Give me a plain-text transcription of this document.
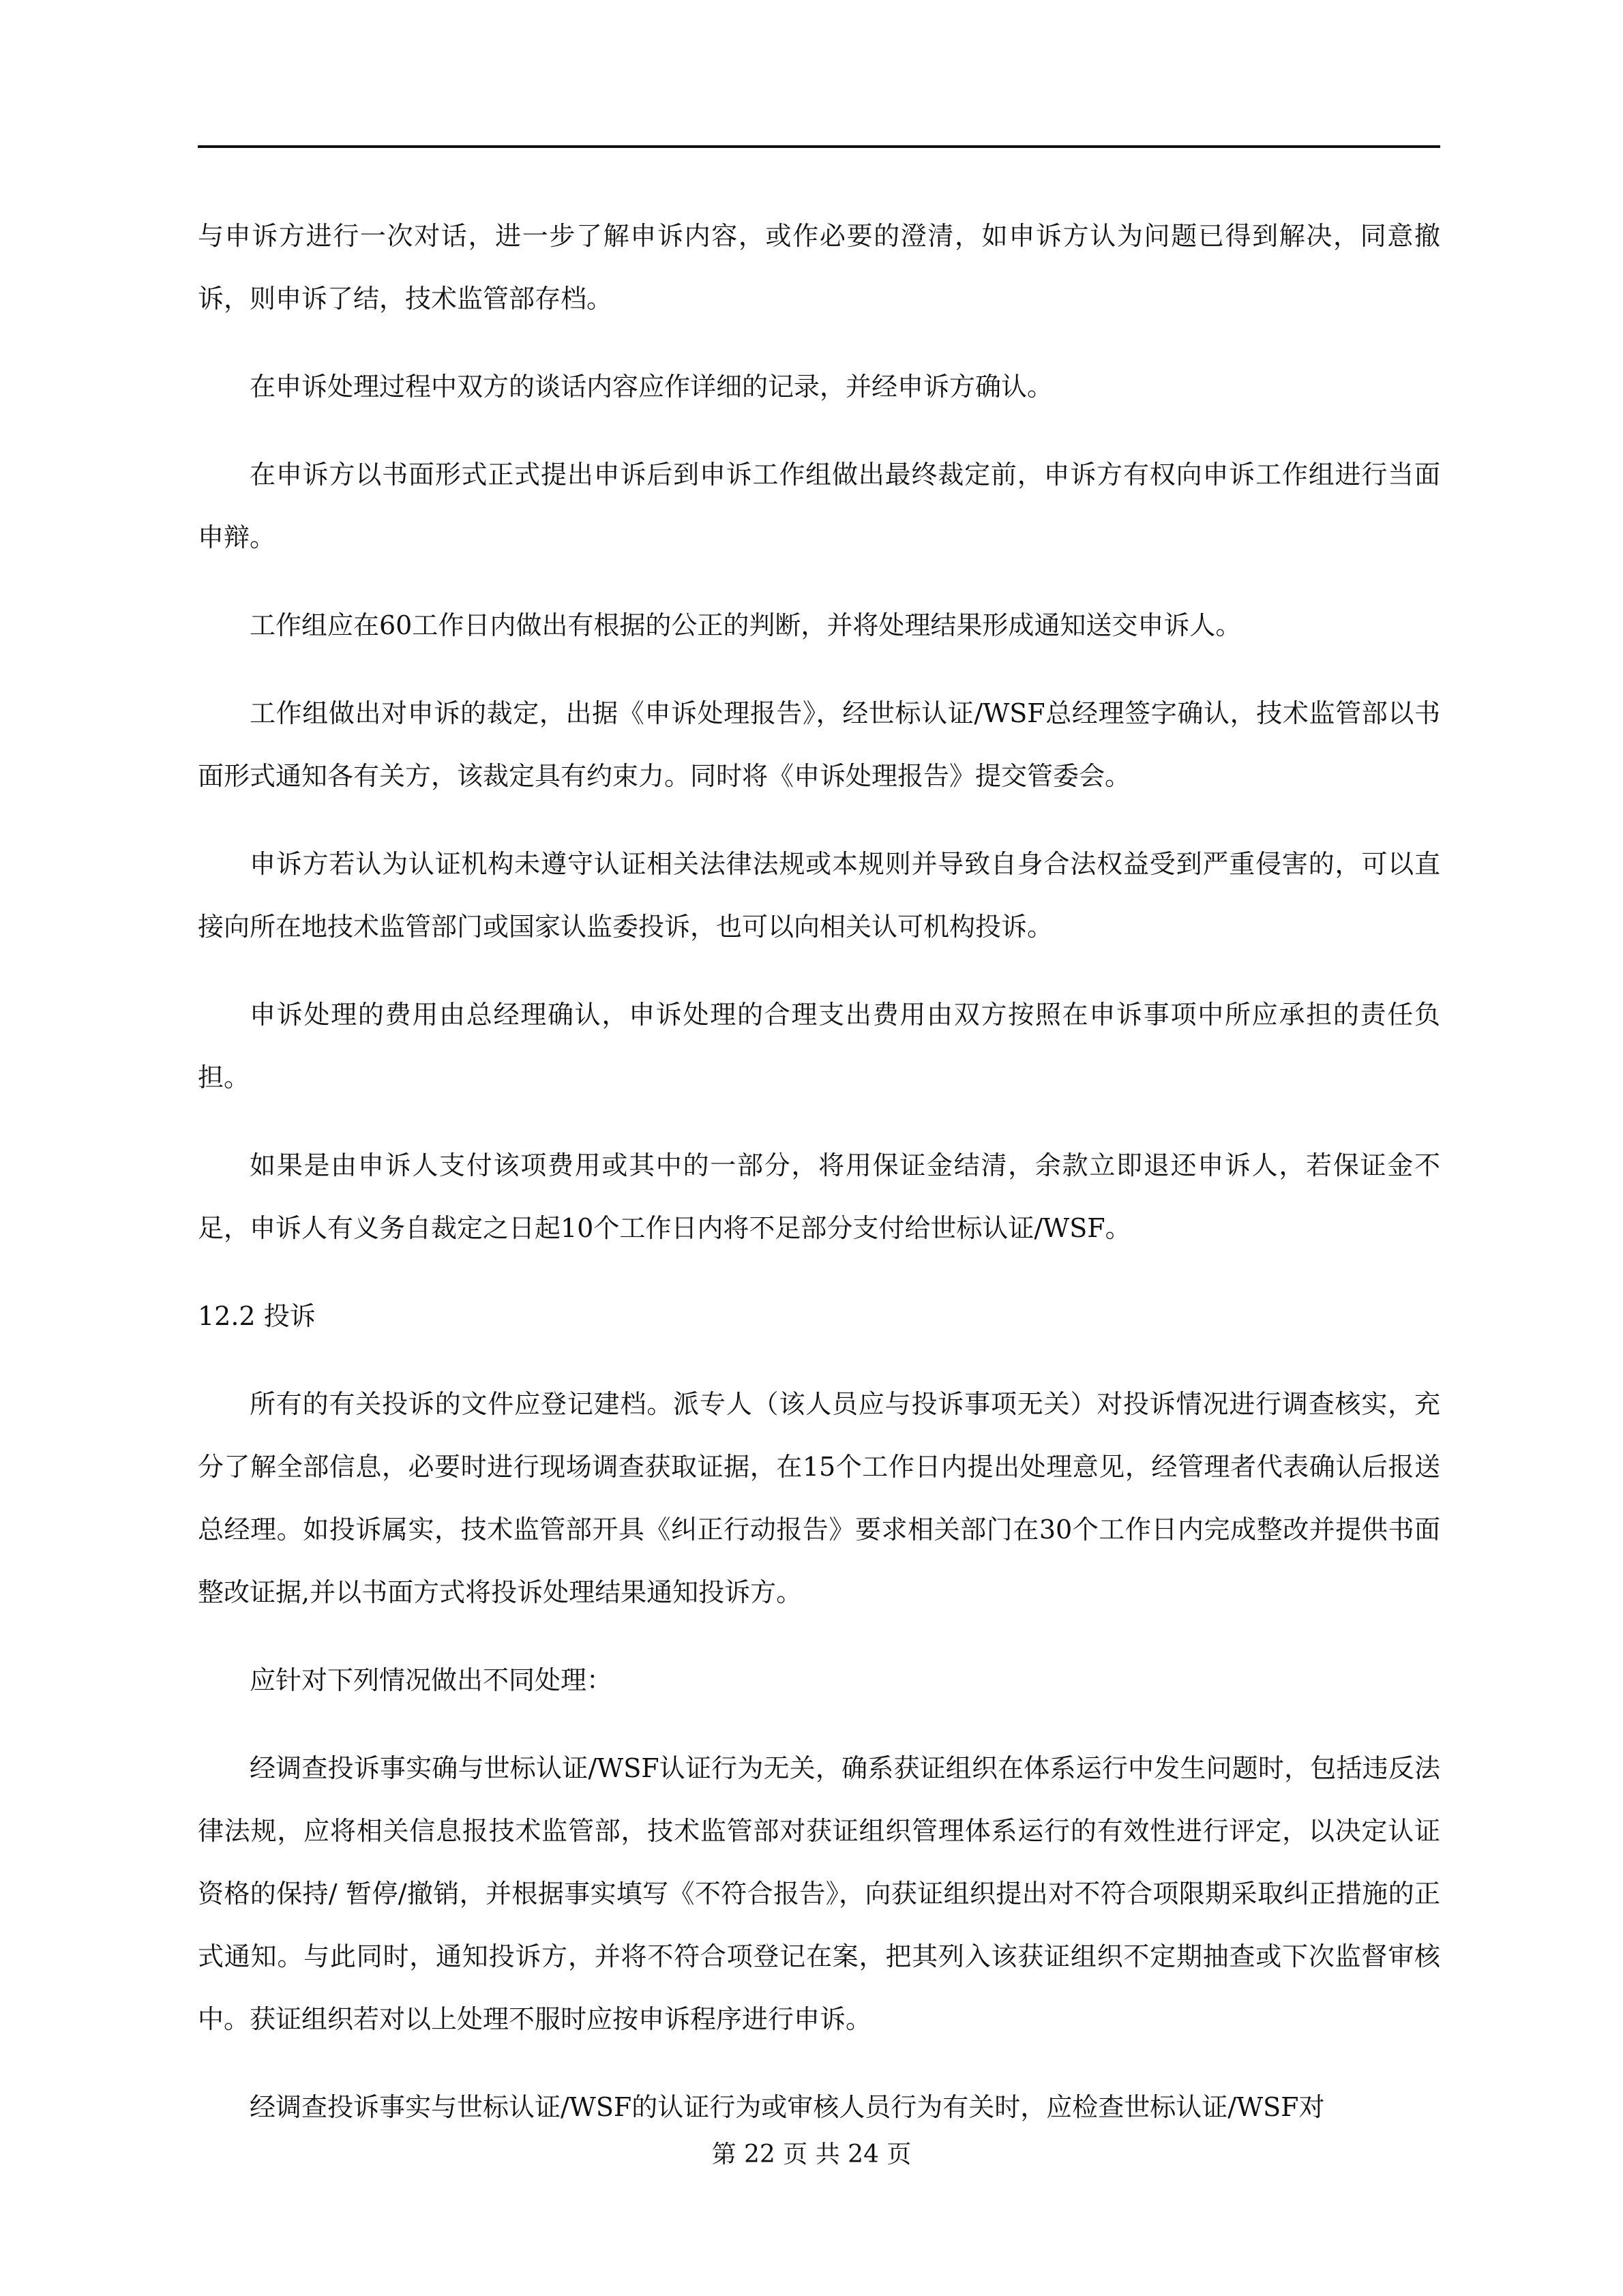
与申诉方进行一次对话，进一步了解申诉内容，或作必要的澄清，如申诉方认为问题已得到解决，同意撤诉，则申诉了结，技术监管部存档。

在申诉处理过程中双方的谈话内容应作详细的记录，并经申诉方确认。

在申诉方以书面形式正式提出申诉后到申诉工作组做出最终裁定前，申诉方有权向申诉工作组进行当面申辩。

工作组应在60工作日内做出有根据的公正的判断，并将处理结果形成通知送交申诉人。

工作组做出对申诉的裁定，出据《申诉处理报告》，经世标认证/WSF总经理签字确认，技术监管部以书面形式通知各有关方，该裁定具有约束力。同时将《申诉处理报告》提交管委会。

申诉方若认为认证机构未遵守认证相关法律法规或本规则并导致自身合法权益受到严重侵害的，可以直接向所在地技术监管部门或国家认监委投诉，也可以向相关认可机构投诉。

申诉处理的费用由总经理确认，申诉处理的合理支出费用由双方按照在申诉事项中所应承担的责任负担。

如果是由申诉人支付该项费用或其中的一部分，将用保证金结清，余款立即退还申诉人，若保证金不足，申诉人有义务自裁定之日起10个工作日内将不足部分支付给世标认证/WSF。

12.2 投诉

所有的有关投诉的文件应登记建档。派专人（该人员应与投诉事项无关）对投诉情况进行调查核实，充分了解全部信息，必要时进行现场调查获取证据，在15个工作日内提出处理意见，经管理者代表确认后报送总经理。如投诉属实，技术监管部开具《纠正行动报告》要求相关部门在30个工作日内完成整改并提供书面整改证据,并以书面方式将投诉处理结果通知投诉方。

应针对下列情况做出不同处理：

经调查投诉事实确与世标认证/WSF认证行为无关，确系获证组织在体系运行中发生问题时，包括违反法律法规，应将相关信息报技术监管部，技术监管部对获证组织管理体系运行的有效性进行评定，以决定认证资格的保持/ 暂停/撤销，并根据事实填写《不符合报告》，向获证组织提出对不符合项限期采取纠正措施的正式通知。与此同时，通知投诉方，并将不符合项登记在案，把其列入该获证组织不定期抽查或下次监督审核中。获证组织若对以上处理不服时应按申诉程序进行申诉。

经调查投诉事实与世标认证/WSF的认证行为或审核人员行为有关时，应检查世标认证/WSF对

第 22 页 共 24 页
